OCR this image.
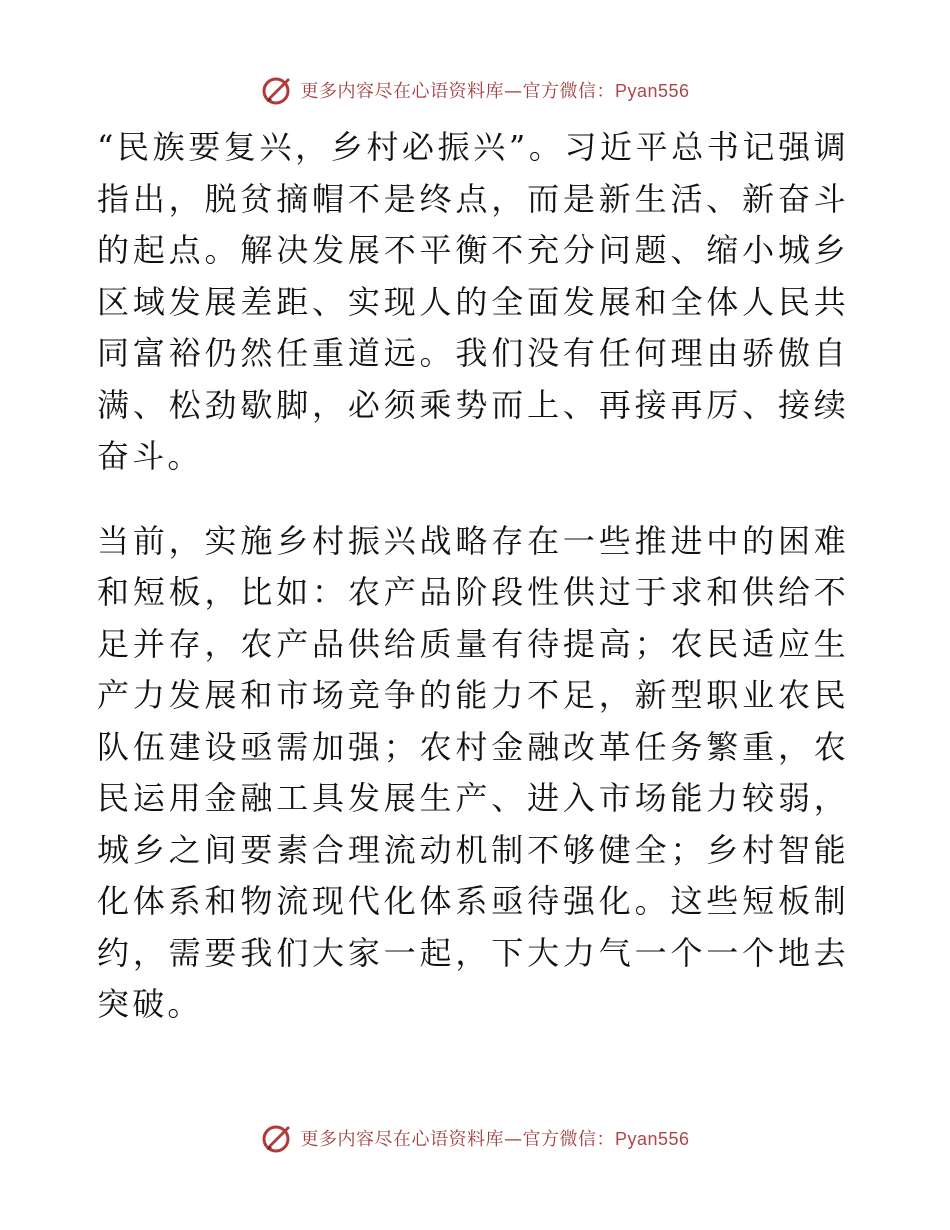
更多内容尽在心语资料库—官方微信：Pyan556

“民族要复兴，乡村必振兴”。习近平总书记强调指出，脱贫摘帽不是终点，而是新生活、新奋斗的起点。解决发展不平衡不充分问题、缩小城乡区域发展差距、实现人的全面发展和全体人民共同富裕仍然任重道远。我们没有任何理由骄傲自满、松劲歇脚，必须乘势而上、再接再厉、接续奋斗。

当前，实施乡村振兴战略存在一些推进中的困难和短板，比如：农产品阶段性供过于求和供给不足并存，农产品供给质量有待提高；农民适应生产力发展和市场竞争的能力不足，新型职业农民队伍建设亟需加强；农村金融改革任务繁重，农民运用金融工具发展生产、进入市场能力较弱，城乡之间要素合理流动机制不够健全；乡村智能化体系和物流现代化体系亟待强化。这些短板制约，需要我们大家一起，下大力气一个一个地去突破。

更多内容尽在心语资料库—官方微信：Pyan556
